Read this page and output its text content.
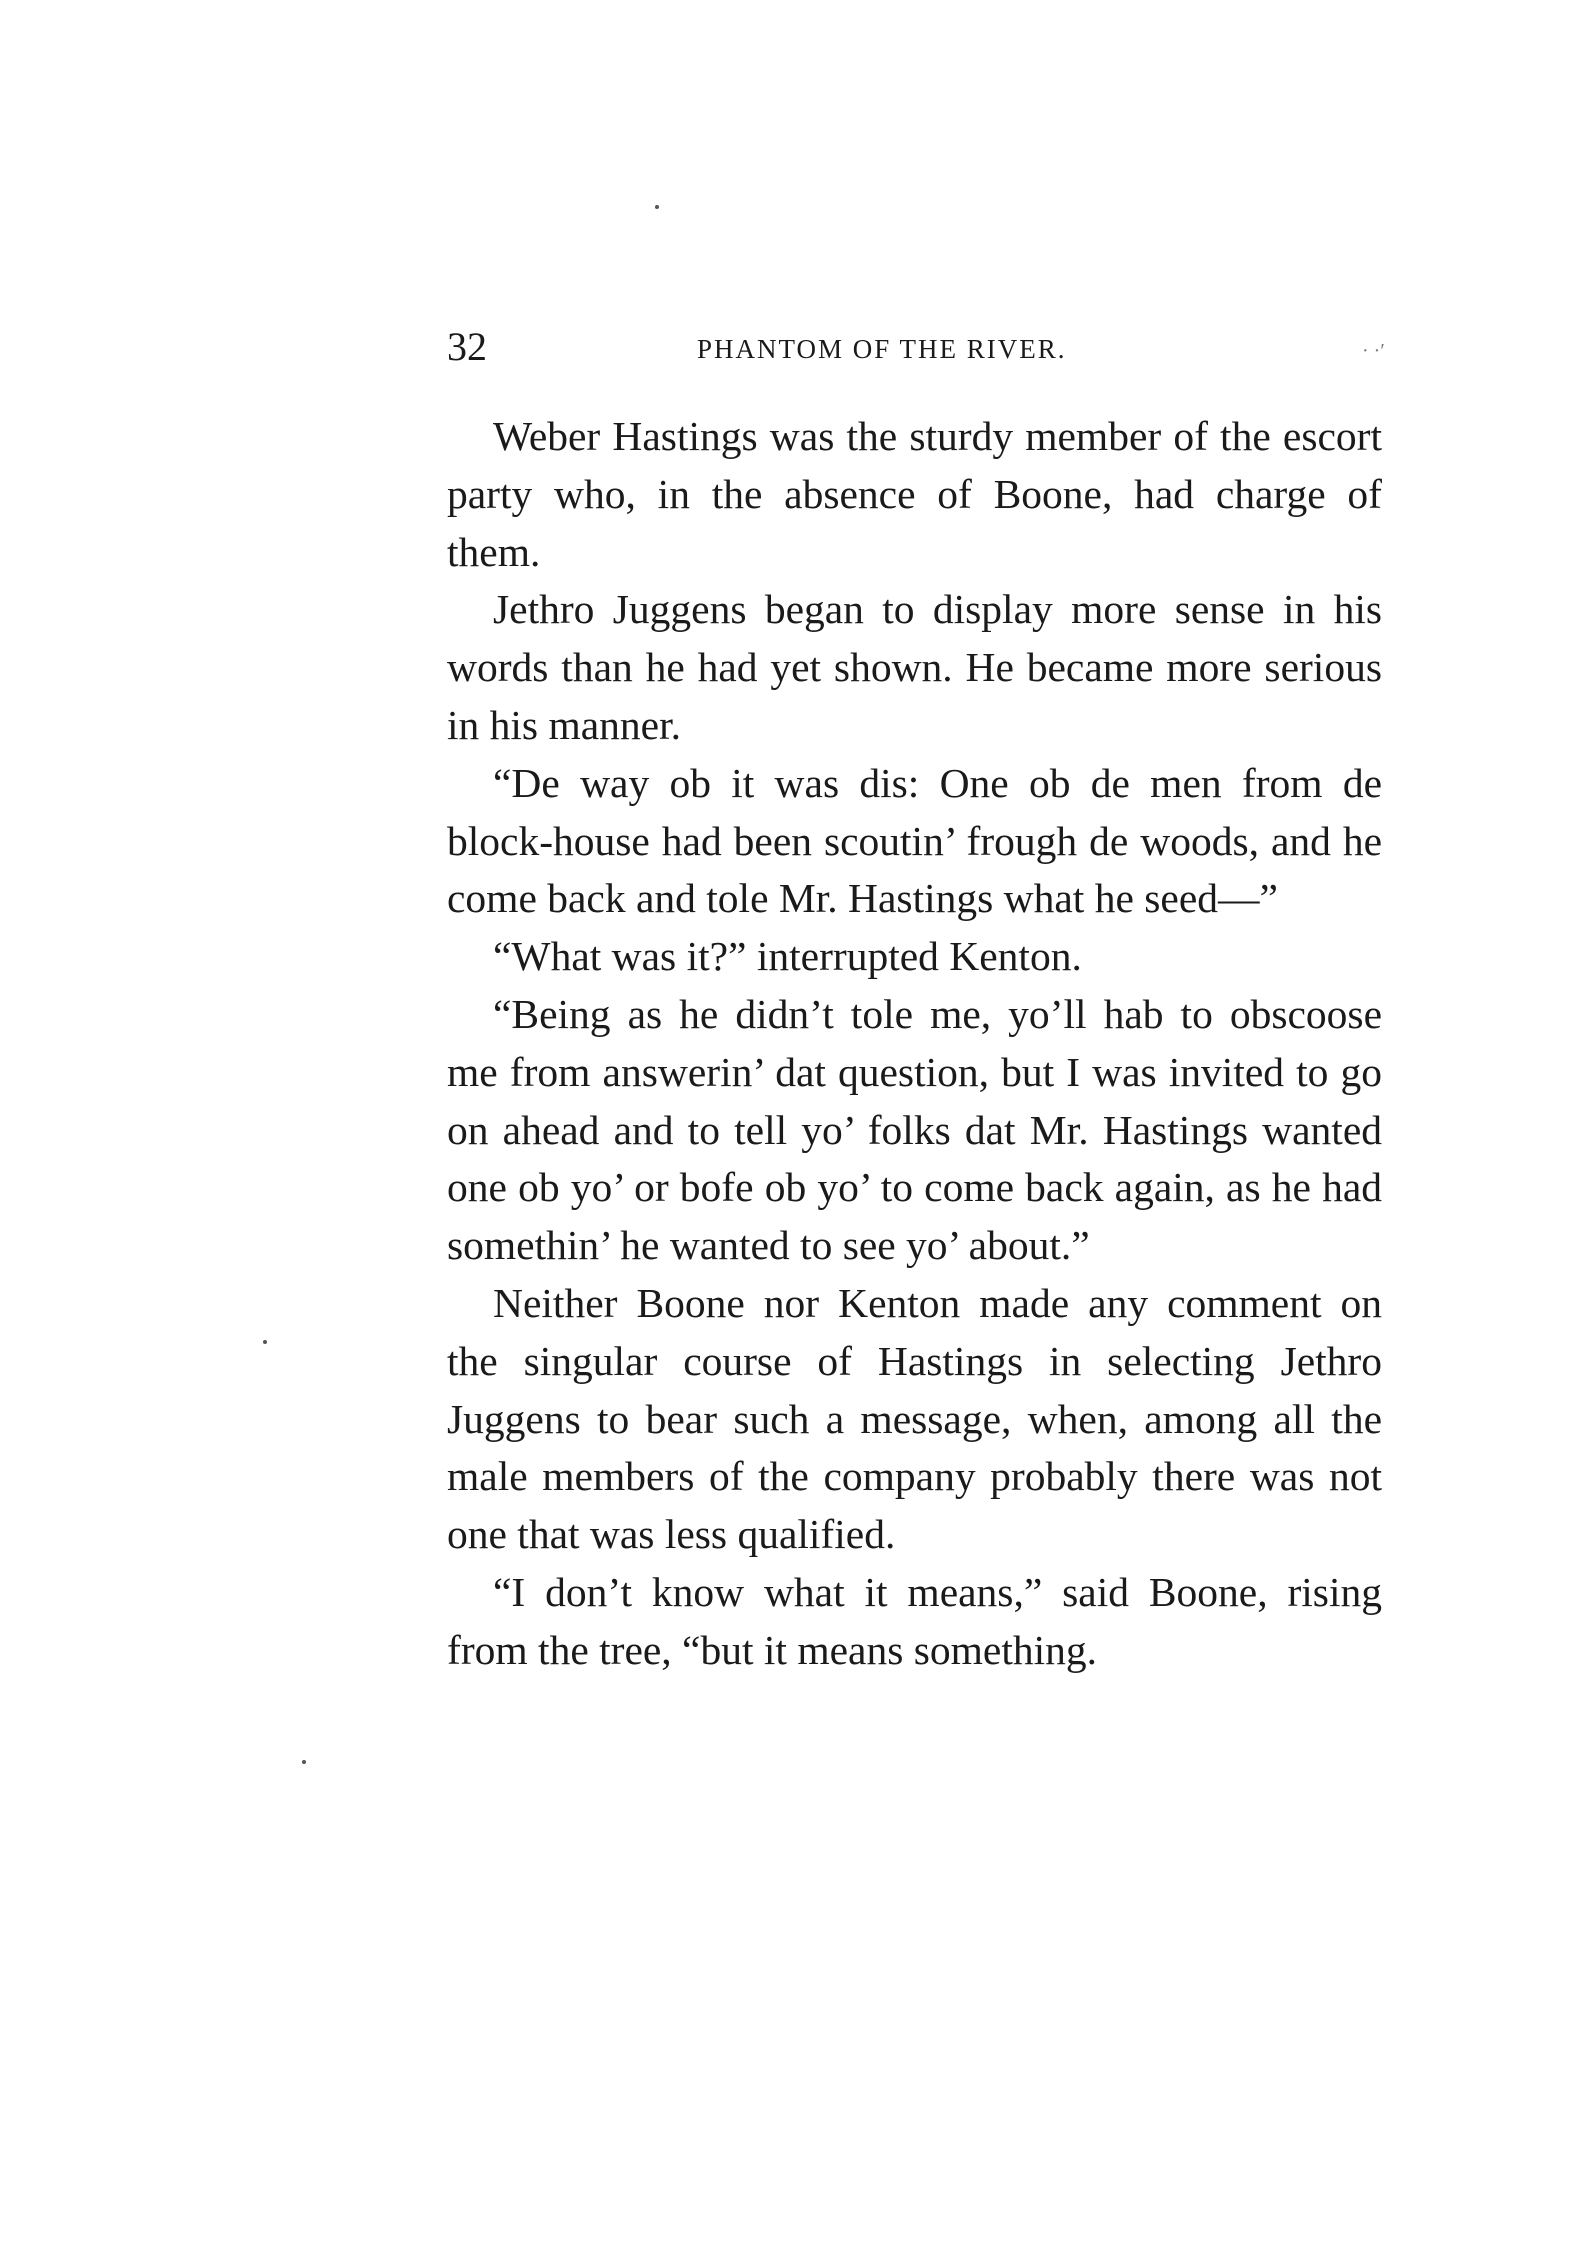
· ·′
32	PHANTOM OF THE RIVER.

Weber Hastings was the sturdy member of the escort party who, in the absence of Boone, had charge of them.

Jethro Juggens began to display more sense in his words than he had yet shown. He became more serious in his manner.

“De way ob it was dis: One ob de men from de block-house had been scoutin’ frough de woods, and he come back and tole Mr. Hastings what he seed—”

“What was it?” interrupted Kenton.

“Being as he didn’t tole me, yo’ll hab to obscoose me from answerin’ dat question, but I was invited to go on ahead and to tell yo’ folks dat Mr. Hastings wanted one ob yo’ or bofe ob yo’ to come back again, as he had somethin’ he wanted to see yo’ about.”

Neither Boone nor Kenton made any comment on the singular course of Hastings in selecting Jethro Juggens to bear such a message, when, among all the male members of the company probably there was not one that was less qualified.

“I don’t know what it means,” said Boone, rising from the tree, “but it means something.
